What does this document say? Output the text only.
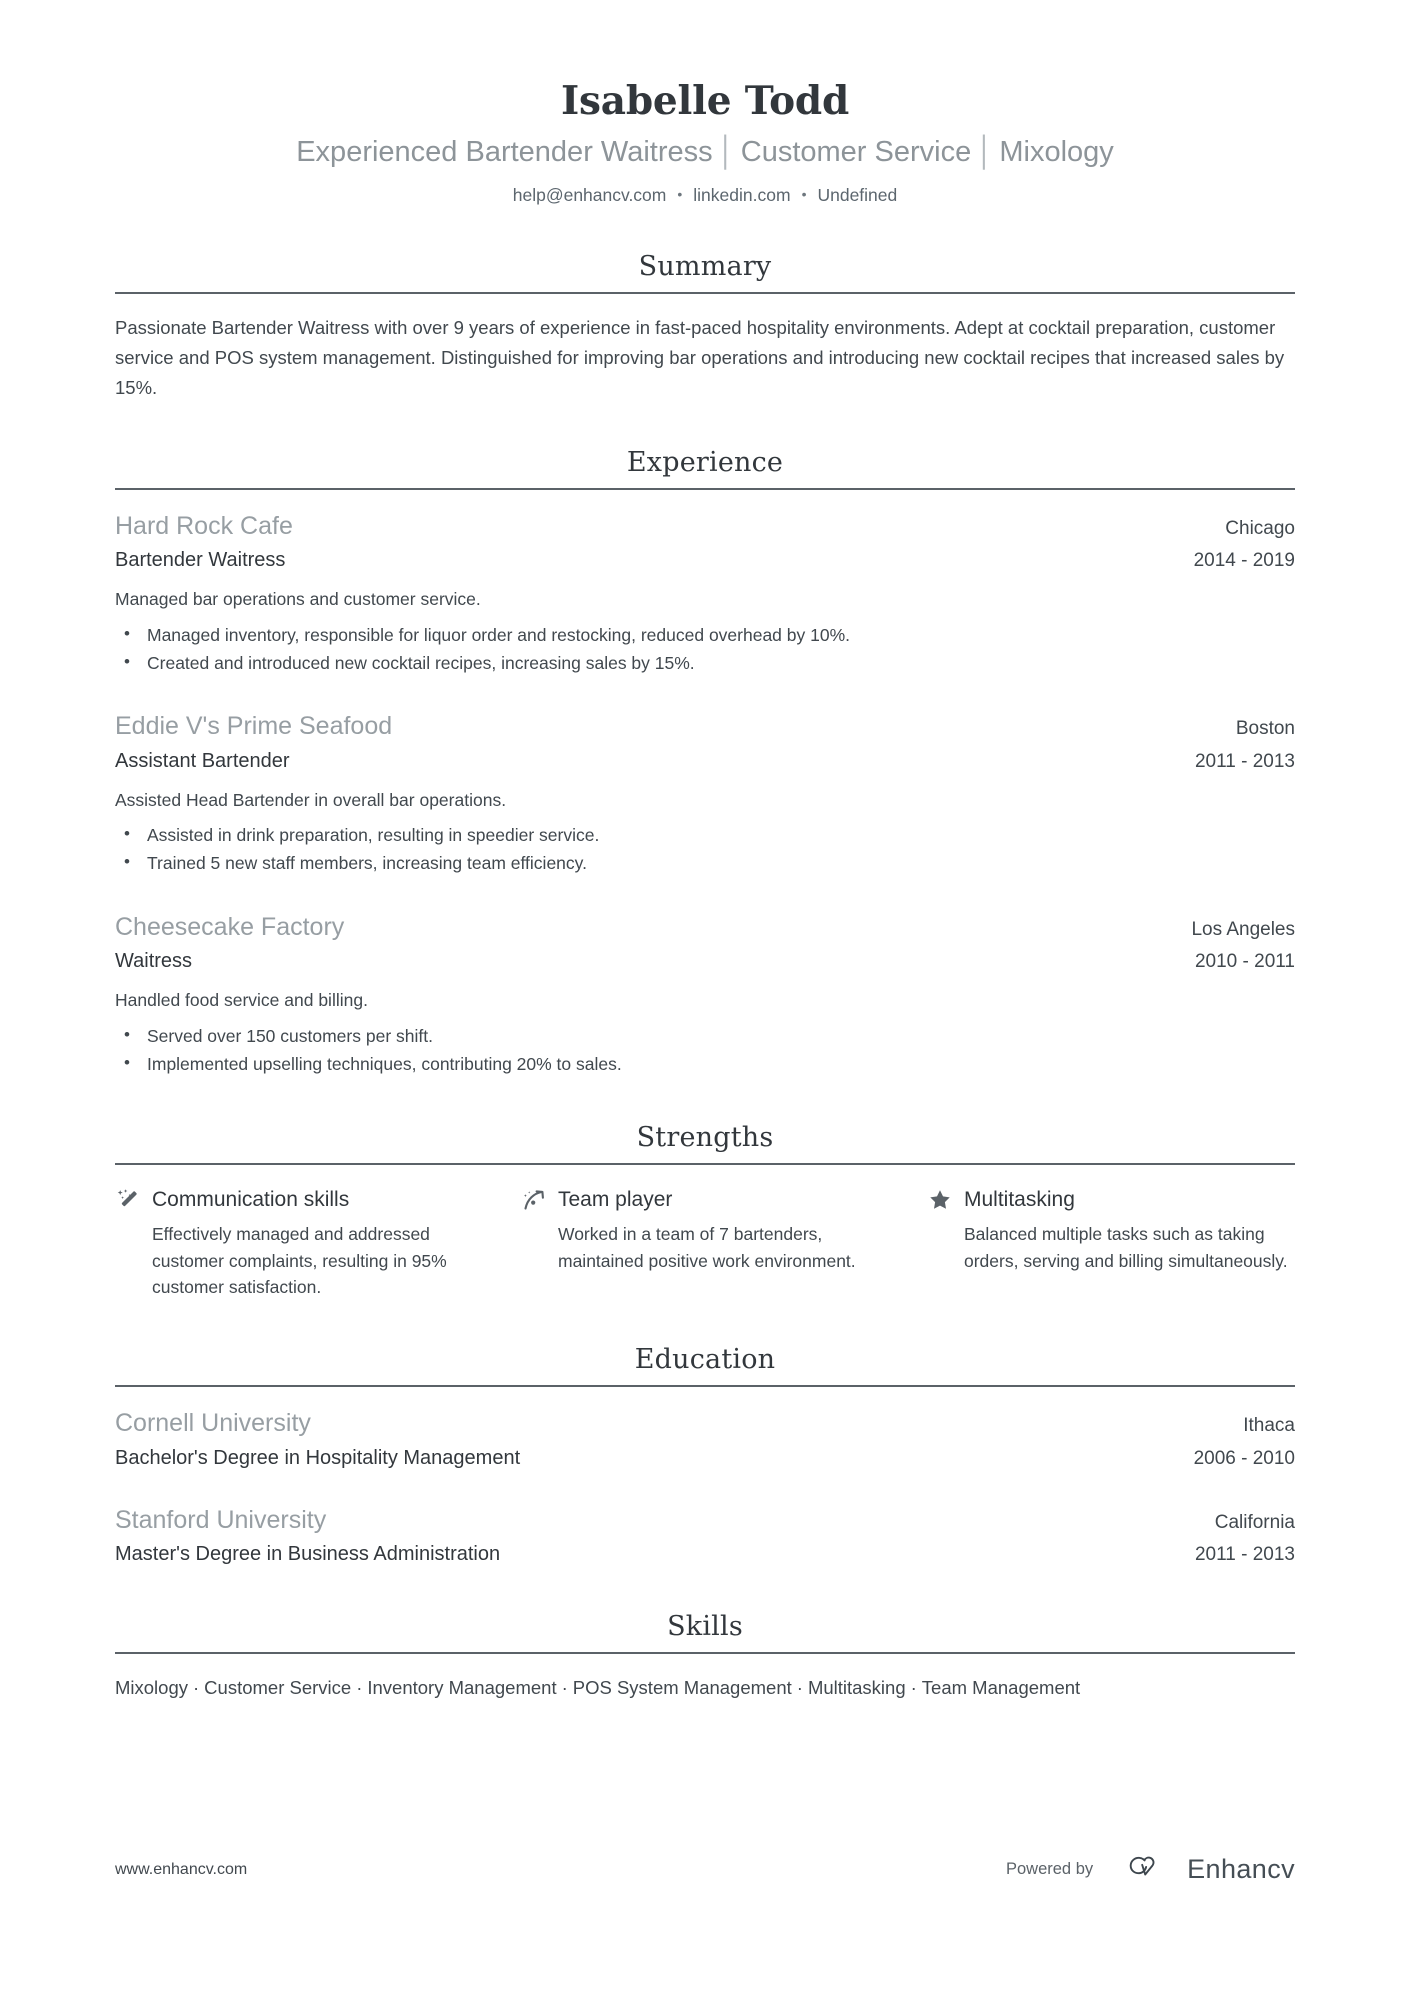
Isabelle Todd
Experienced Bartender Waitress │ Customer Service │ Mixology
help@enhancv.com • linkedin.com • Undefined
Summary
Passionate Bartender Waitress with over 9 years of experience in fast-paced hospitality environments. Adept at cocktail preparation, customer service and POS system management. Distinguished for improving bar operations and introducing new cocktail recipes that increased sales by 15%.
Experience
Hard Rock Cafe	Chicago
Bartender Waitress	2014 - 2019
Managed bar operations and customer service.
• Managed inventory, responsible for liquor order and restocking, reduced overhead by 10%.
• Created and introduced new cocktail recipes, increasing sales by 15%.
Eddie V's Prime Seafood	Boston
Assistant Bartender	2011 - 2013
Assisted Head Bartender in overall bar operations.
• Assisted in drink preparation, resulting in speedier service.
• Trained 5 new staff members, increasing team efficiency.
Cheesecake Factory	Los Angeles
Waitress	2010 - 2011
Handled food service and billing.
• Served over 150 customers per shift.
• Implemented upselling techniques, contributing 20% to sales.
Strengths
Communication skills
Effectively managed and addressed customer complaints, resulting in 95% customer satisfaction.
Team player
Worked in a team of 7 bartenders, maintained positive work environment.
Multitasking
Balanced multiple tasks such as taking orders, serving and billing simultaneously.
Education
Cornell University	Ithaca
Bachelor's Degree in Hospitality Management	2006 - 2010
Stanford University	California
Master's Degree in Business Administration	2011 - 2013
Skills
Mixology · Customer Service · Inventory Management · POS System Management · Multitasking · Team Management
www.enhancv.com	Powered by	Enhancv
